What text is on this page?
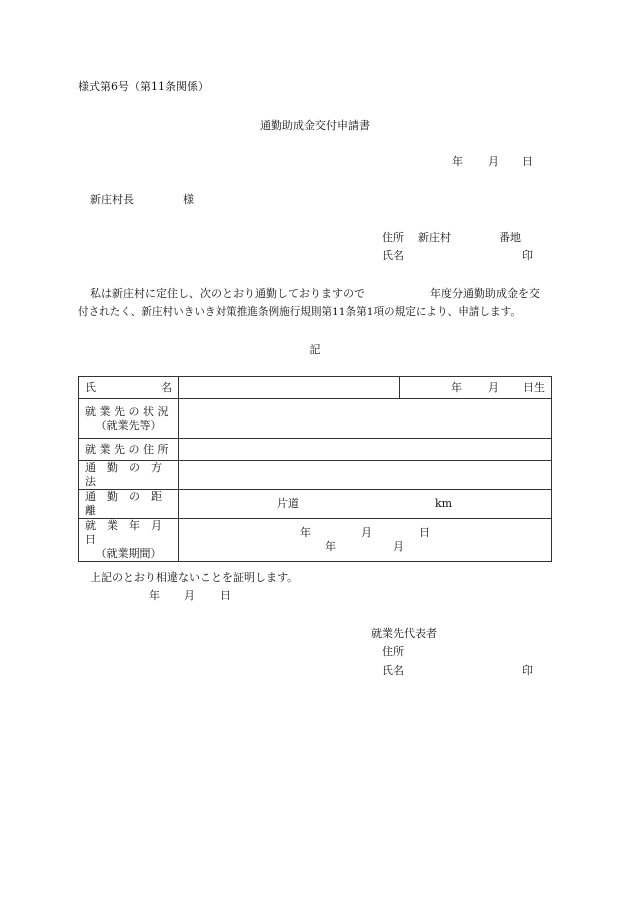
様式第6号（第11条関係）
通勤助成金交付申請書
年 月 日
新庄村長	様
住所 新庄村	番地
氏名	印
私は新庄村に定住し、次のとおり通勤しておりますので	年度分通勤助成金を交
付されたく、新庄村いきいき対策推進条例施行規則第11条第1項の規定により、申請します。
記
氏 名		年 月 日生

就 業 先 の 状 況
（就業先等）		

就 業 先 の 住 所		
通　勤　の　方　法		
通　勤　の　距　離	片道 km	

就　業　年　月　日
（就業期間）	年 月 日
年 月	
上記のとおり相違ないことを証明します。
年 月 日
就業先代表者
住所
氏名	印
